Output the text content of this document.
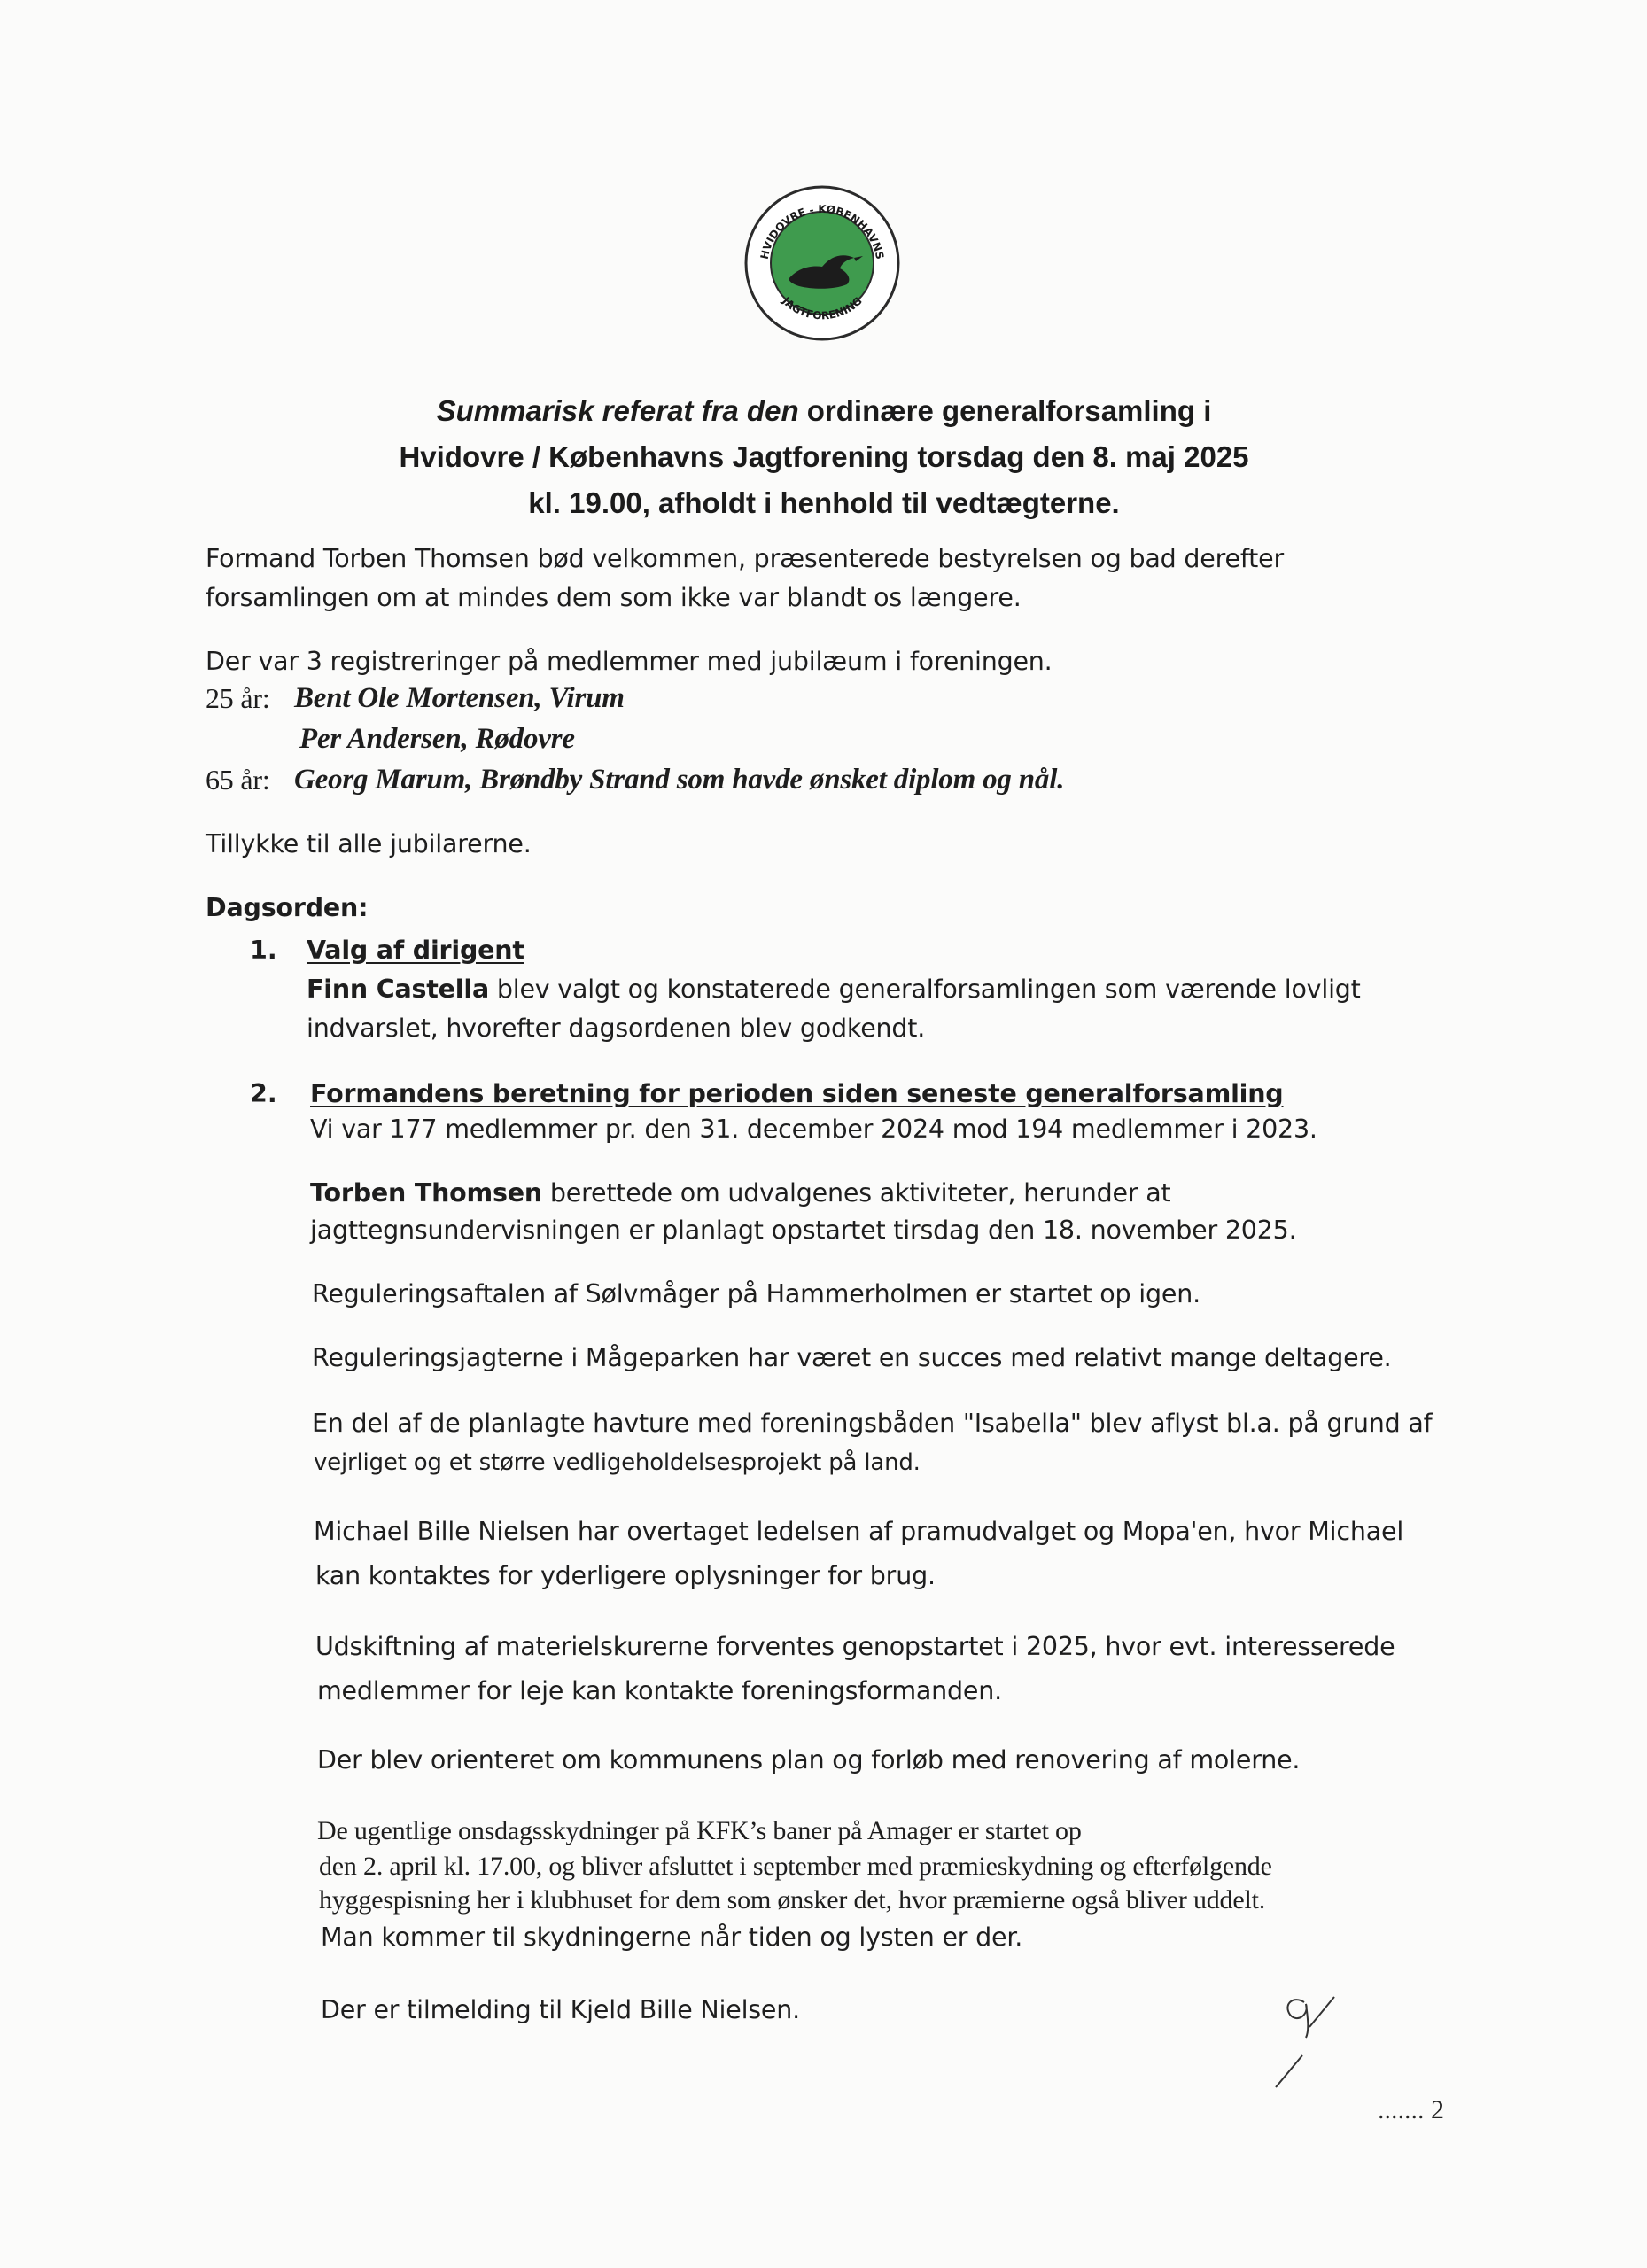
HVIDOVRE - KØBENHAVNS
JAGTFORENING
Summarisk referat fra den ordinære generalforsamling i
Hvidovre / Københavns Jagtforening torsdag den 8. maj 2025
kl. 19.00, afholdt i henhold til vedtægterne.
Formand Torben Thomsen bød velkommen, præsenterede bestyrelsen og bad derefter
forsamlingen om at mindes dem som ikke var blandt os længere.
Der var 3 registreringer på medlemmer med jubilæum i foreningen.
25 år: Bent Ole Mortensen, Virum
Per Andersen, Rødovre
65 år: Georg Marum, Brøndby Strand som havde ønsket diplom og nål.
Tillykke til alle jubilarerne.
Dagsorden:
1. Valg af dirigent
Finn Castella blev valgt og konstaterede generalforsamlingen som værende lovligt
indvarslet, hvorefter dagsordenen blev godkendt.
2. Formandens beretning for perioden siden seneste generalforsamling
Vi var 177 medlemmer pr. den 31. december 2024 mod 194 medlemmer i 2023.
Torben Thomsen berettede om udvalgenes aktiviteter, herunder at
jagttegnsundervisningen er planlagt opstartet tirsdag den 18. november 2025.
Reguleringsaftalen af Sølvmåger på Hammerholmen er startet op igen.
Reguleringsjagterne i Mågeparken har været en succes med relativt mange deltagere.
En del af de planlagte havture med foreningsbåden "Isabella" blev aflyst bl.a. på grund af
vejrliget og et større vedligeholdelsesprojekt på land.
Michael Bille Nielsen har overtaget ledelsen af pramudvalget og Mopa'en, hvor Michael
kan kontaktes for yderligere oplysninger for brug.
Udskiftning af materielskurerne forventes genopstartet i 2025, hvor evt. interesserede
medlemmer for leje kan kontakte foreningsformanden.
Der blev orienteret om kommunens plan og forløb med renovering af molerne.
De ugentlige onsdagsskydninger på KFK’s baner på Amager er startet op
den 2. april kl. 17.00, og bliver afsluttet i september med præmieskydning og efterfølgende
hyggespisning her i klubhuset for dem som ønsker det, hvor præmierne også bliver uddelt.
Man kommer til skydningerne når tiden og lysten er der.
Der er tilmelding til Kjeld Bille Nielsen.
....... 2
